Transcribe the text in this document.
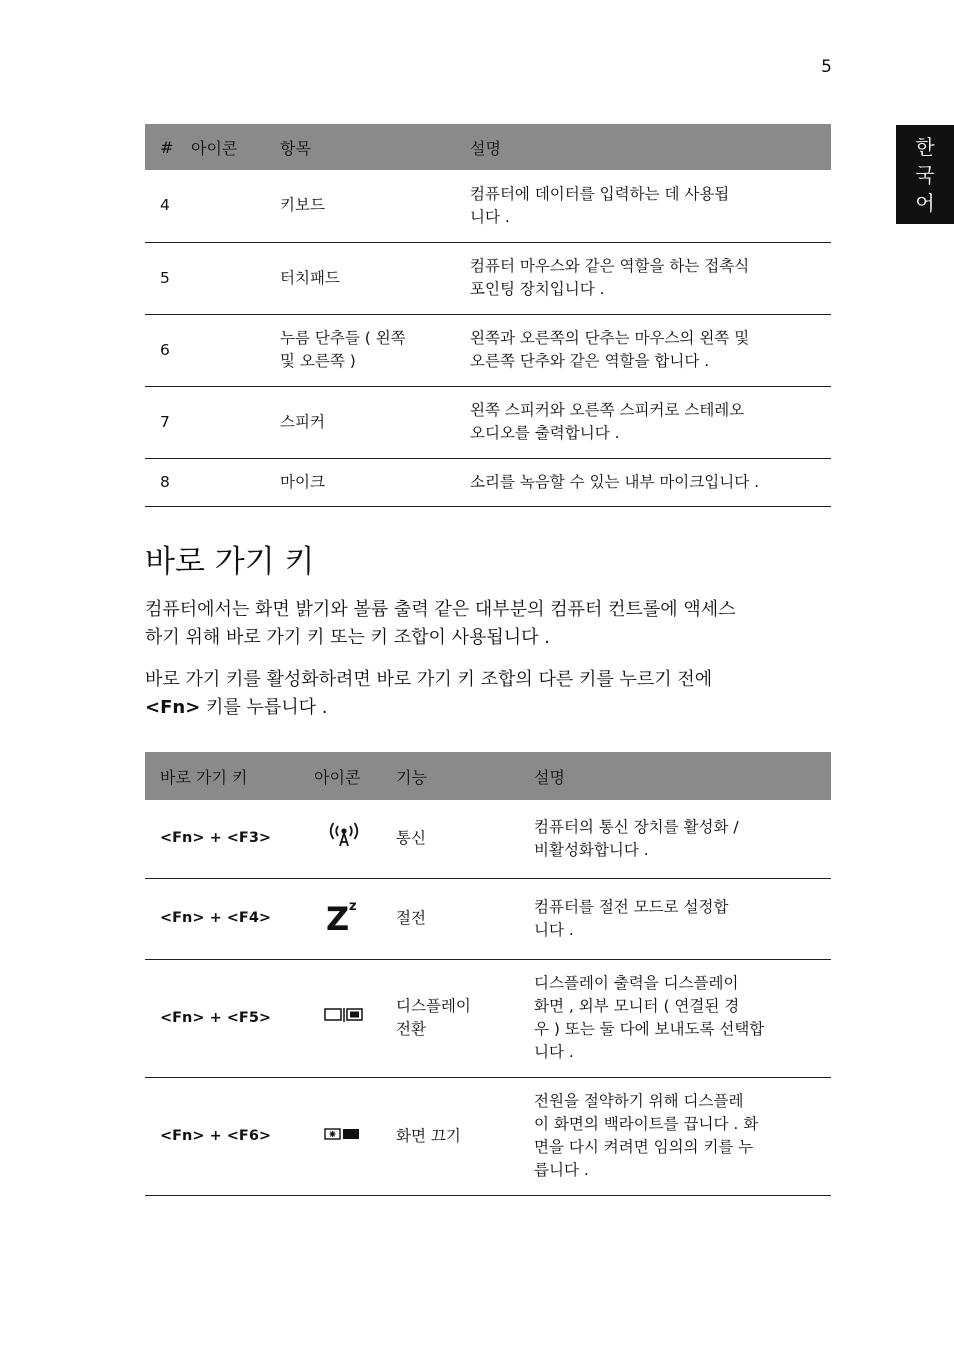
5
한
국
어
#	아이콘	항목	설명
4		키보드	컴퓨터에 데이터를 입력하는 데 사용됩
니다 .
5		터치패드	컴퓨터 마우스와 같은 역할을 하는 접촉식
포인팅 장치입니다 .
6		누름 단추들 ( 왼쪽
및 오른쪽 )	왼쪽과 오른쪽의 단추는 마우스의 왼쪽 및
오른쪽 단추와 같은 역할을 합니다 .
7		스피커	왼쪽 스피커와 오른쪽 스피커로 스테레오
오디오를 출력합니다 .
8		마이크	소리를 녹음할 수 있는 내부 마이크입니다 .
바로 가기 키

컴퓨터에서는 화면 밝기와 볼륨 출력 같은 대부분의 컴퓨터 컨트롤에 액세스
하기 위해 바로 가기 키 또는 키 조합이 사용됩니다 .

바로 가기 키를 활성화하려면 바로 가기 키 조합의 다른 키를 누르기 전에
<Fn> 키를 누릅니다 .

바로 가기 키	아이콘	기능	설명
<Fn> + <F3>		통신	컴퓨터의 통신 장치를 활성화 /
비활성화합니다 .
<Fn> + <F4>	Z z	절전	컴퓨터를 절전 모드로 설정합
니다 .
<Fn> + <F5>		디스플레이
전환	디스플레이 출력을 디스플레이
화면 , 외부 모니터 ( 연결된 경
우 ) 또는 둘 다에 보내도록 선택합
니다 .
<Fn> + <F6>		화면 끄기	전원을 절약하기 위해 디스플레
이 화면의 백라이트를 끕니다 . 화
면을 다시 켜려면 임의의 키를 누
릅니다 .
